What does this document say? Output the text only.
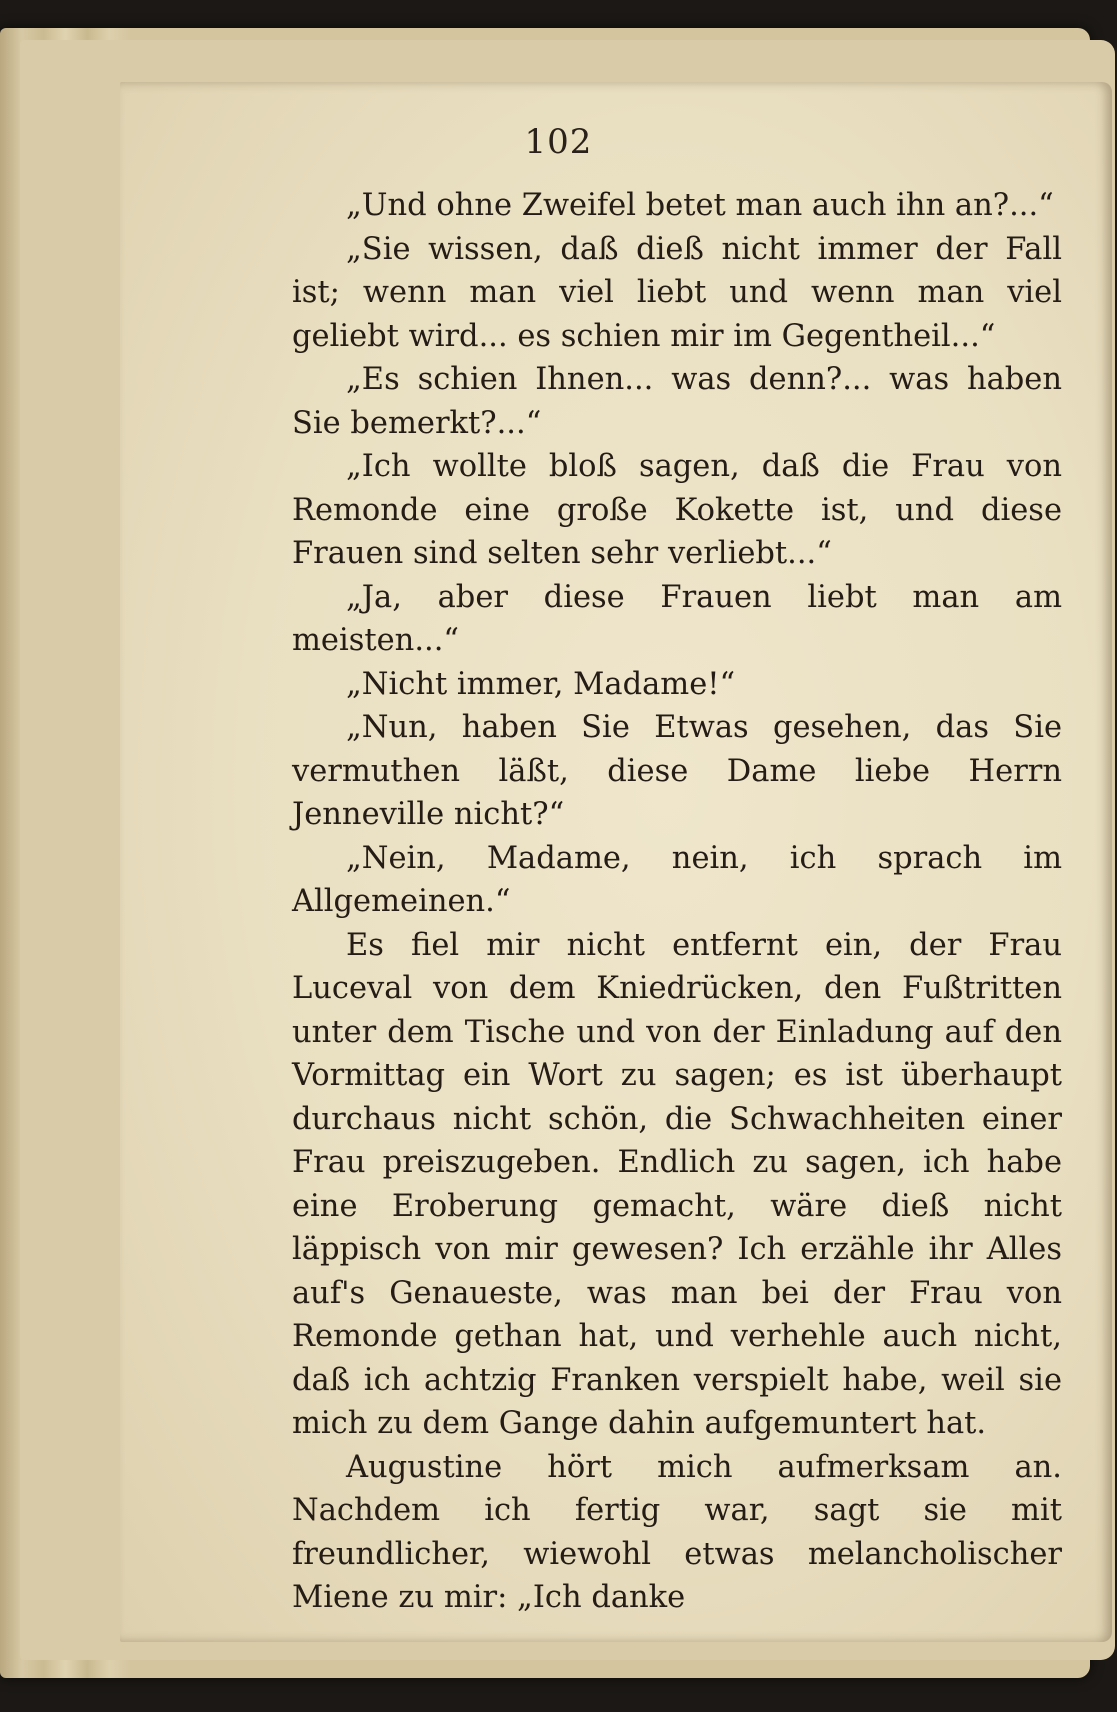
102

„Und ohne Zweifel betet man auch ihn an?...“

„Sie wissen, daß dieß nicht immer der Fall ist; wenn man viel liebt und wenn man viel geliebt wird... es schien mir im Gegentheil...“

„Es schien Ihnen... was denn?... was haben Sie bemerkt?...“

„Ich wollte bloß sagen, daß die Frau von Remonde eine große Kokette ist, und diese Frauen sind selten sehr verliebt...“

„Ja, aber diese Frauen liebt man am meisten...“

„Nicht immer, Madame!“

„Nun, haben Sie Etwas gesehen, das Sie vermuthen läßt, diese Dame liebe Herrn Jenneville nicht?“

„Nein, Madame, nein, ich sprach im Allgemeinen.“

Es fiel mir nicht entfernt ein, der Frau Luceval von dem Kniedrücken, den Fußtritten unter dem Tische und von der Einladung auf den Vormittag ein Wort zu sagen; es ist überhaupt durchaus nicht schön, die Schwachheiten einer Frau preiszugeben. Endlich zu sagen, ich habe eine Eroberung gemacht, wäre dieß nicht läppisch von mir gewesen? Ich erzähle ihr Alles auf's Genaueste, was man bei der Frau von Remonde gethan hat, und verhehle auch nicht, daß ich achtzig Franken verspielt habe, weil sie mich zu dem Gange dahin aufgemuntert hat.

Augustine hört mich aufmerksam an. Nachdem ich fertig war, sagt sie mit freundlicher, wiewohl etwas melancholischer Miene zu mir: „Ich danke
